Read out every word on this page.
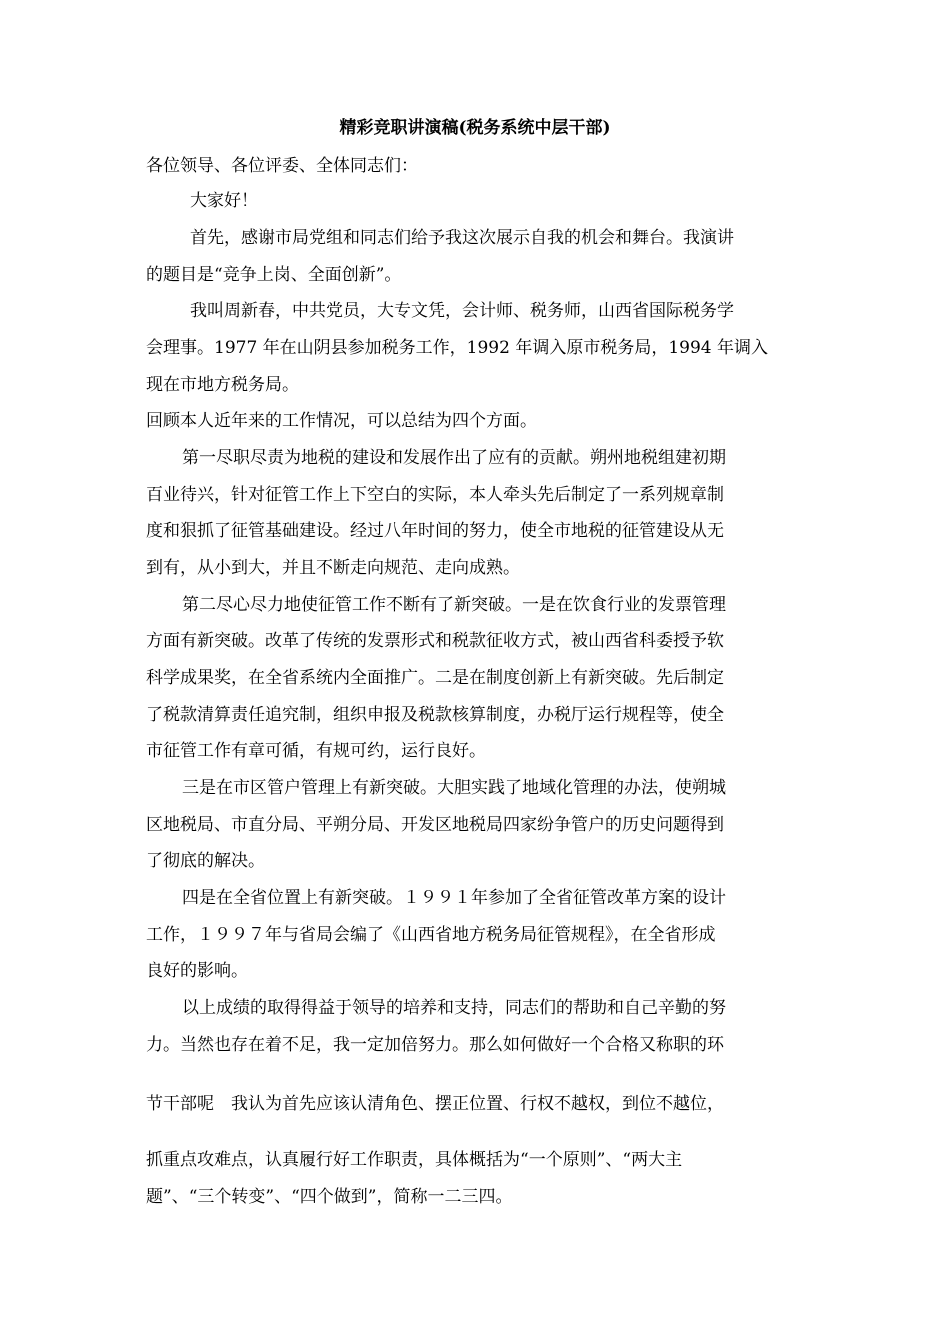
精彩竞职讲演稿(税务系统中层干部)
各位领导、各位评委、全体同志们：
大家好！
首先，感谢市局党组和同志们给予我这次展示自我的机会和舞台。我演讲
的题目是“竞争上岗、全面创新”。
我叫周新春，中共党员，大专文凭，会计师、税务师，山西省国际税务学
会理事。1977 年在山阴县参加税务工作，1992 年调入原市税务局，1994 年调入
现在市地方税务局。
回顾本人近年来的工作情况，可以总结为四个方面。
第一尽职尽责为地税的建设和发展作出了应有的贡献。朔州地税组建初期
百业待兴，针对征管工作上下空白的实际，本人牵头先后制定了一系列规章制
度和狠抓了征管基础建设。经过八年时间的努力，使全市地税的征管建设从无
到有，从小到大，并且不断走向规范、走向成熟。
第二尽心尽力地使征管工作不断有了新突破。一是在饮食行业的发票管理
方面有新突破。改革了传统的发票形式和税款征收方式，被山西省科委授予软
科学成果奖，在全省系统内全面推广。二是在制度创新上有新突破。先后制定
了税款清算责任追究制，组织申报及税款核算制度，办税厅运行规程等，使全
市征管工作有章可循，有规可约，运行良好。
三是在市区管户管理上有新突破。大胆实践了地域化管理的办法，使朔城
区地税局、市直分局、平朔分局、开发区地税局四家纷争管户的历史问题得到
了彻底的解决。
四是在全省位置上有新突破。１９９１年参加了全省征管改革方案的设计
工作，１９９７年与省局会编了《山西省地方税务局征管规程》，在全省形成
良好的影响。
以上成绩的取得得益于领导的培养和支持，同志们的帮助和自己辛勤的努
力。当然也存在着不足，我一定加倍努力。那么如何做好一个合格又称职的环
节干部呢　我认为首先应该认清角色、摆正位置、行权不越权，到位不越位，
抓重点攻难点，认真履行好工作职责，具体概括为“一个原则”、“两大主
题”、“三个转变”、“四个做到”，简称一二三四。
